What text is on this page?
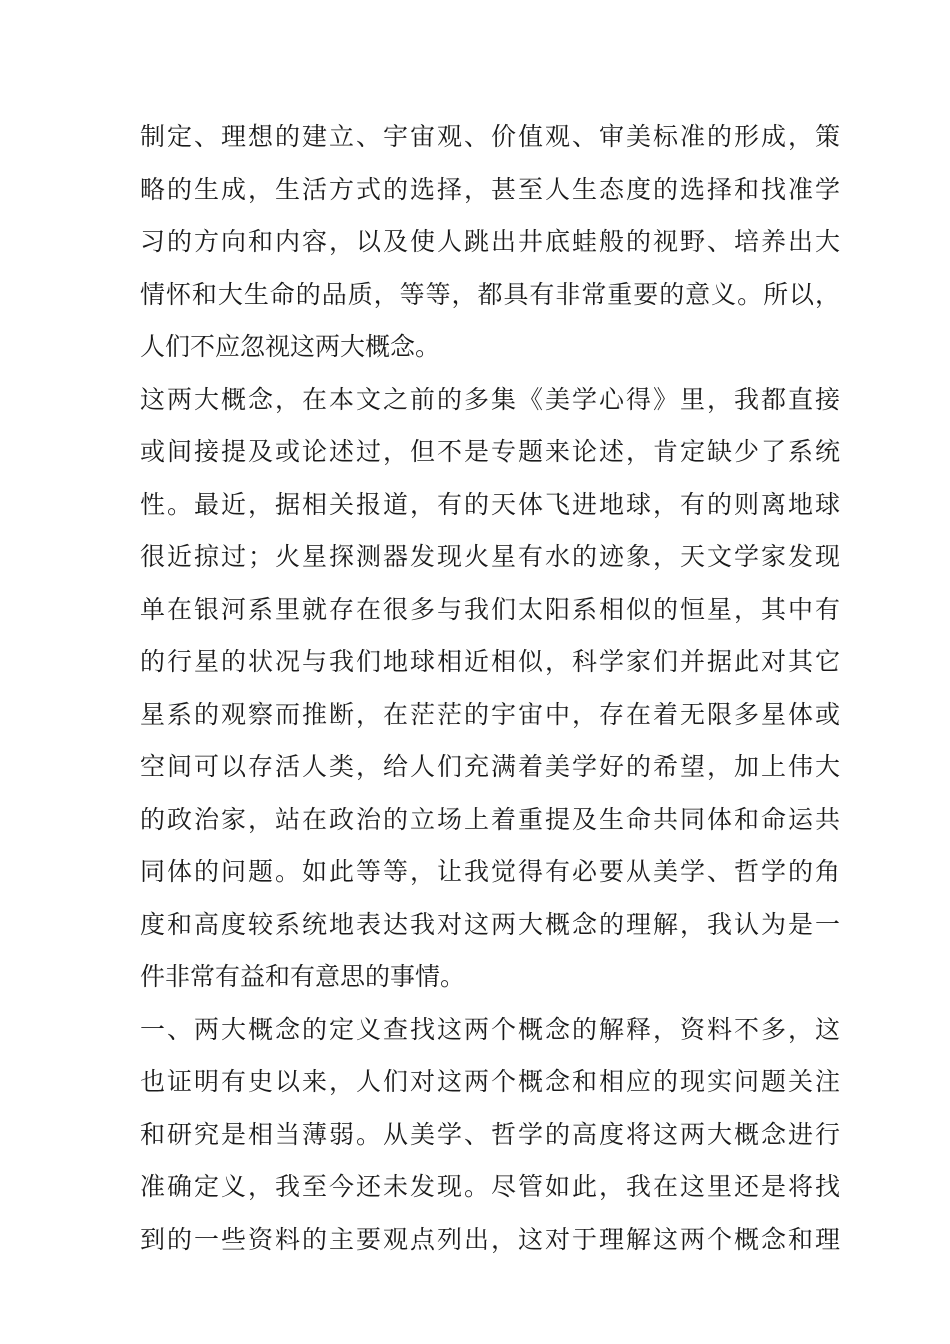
制定、理想的建立、宇宙观、价值观、审美标准的形成，策
略的生成，生活方式的选择，甚至人生态度的选择和找准学
习的方向和内容，以及使人跳出井底蛙般的视野、培养出大
情怀和大生命的品质，等等，都具有非常重要的意义。所以，
人们不应忽视这两大概念。
这两大概念，在本文之前的多集《美学心得》里，我都直接
或间接提及或论述过，但不是专题来论述，肯定缺少了系统
性。最近，据相关报道，有的天体飞进地球，有的则离地球
很近掠过；火星探测器发现火星有水的迹象，天文学家发现
单在银河系里就存在很多与我们太阳系相似的恒星，其中有
的行星的状况与我们地球相近相似，科学家们并据此对其它
星系的观察而推断，在茫茫的宇宙中，存在着无限多星体或
空间可以存活人类，给人们充满着美学好的希望，加上伟大
的政治家，站在政治的立场上着重提及生命共同体和命运共
同体的问题。如此等等，让我觉得有必要从美学、哲学的角
度和高度较系统地表达我对这两大概念的理解，我认为是一
件非常有益和有意思的事情。
一、两大概念的定义查找这两个概念的解释，资料不多，这
也证明有史以来，人们对这两个概念和相应的现实问题关注
和研究是相当薄弱。从美学、哲学的高度将这两大概念进行
准确定义，我至今还未发现。尽管如此，我在这里还是将找
到的一些资料的主要观点列出，这对于理解这两个概念和理
